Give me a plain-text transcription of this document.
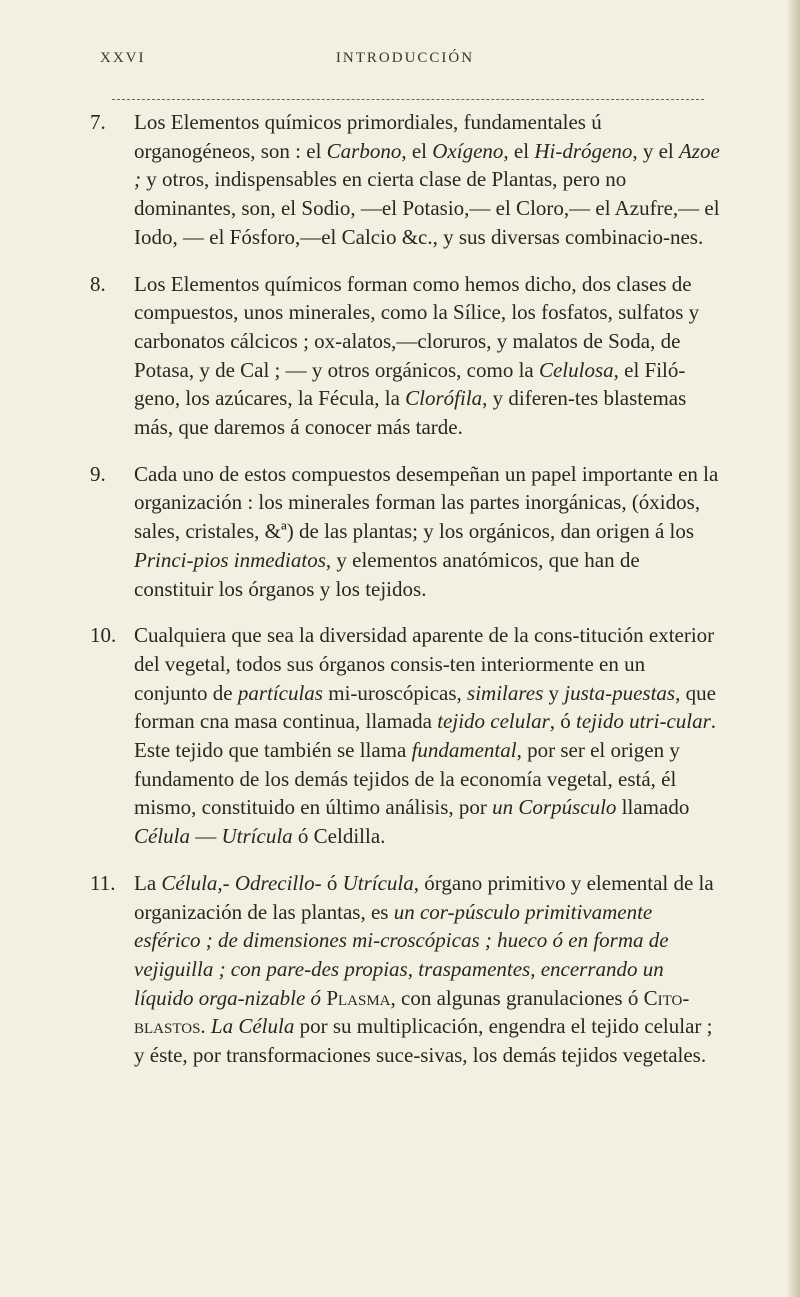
XXVI	INTRODUCCIÓN
7.	Los Elementos químicos primordiales, fundamentales ú organogéneos, son : el Carbono, el Oxígeno, el Hi-drógeno, y el Azoe ; y otros, indispensables en cierta clase de Plantas, pero no dominantes, son, el Sodio, —el Potasio,— el Cloro,— el Azufre,— el Iodo, — el Fósforo,—el Calcio &c., y sus diversas combinacio-nes.
8.	Los Elementos químicos forman como hemos dicho, dos clases de compuestos, unos minerales, como la Sílice, los fosfatos, sulfatos y carbonatos cálcicos ; ox-alatos,—cloruros, y malatos de Soda, de Potasa, y de Cal ; — y otros orgánicos, como la Celulosa, el Filó-geno, los azúcares, la Fécula, la Clorófila, y diferen-tes blastemas más, que daremos á conocer más tarde.
9.	Cada uno de estos compuestos desempeñan un papel importante en la organización : los minerales forman las partes inorgánicas, (óxidos, sales, cristales, &ª) de las plantas; y los orgánicos, dan origen á los Princi-pios inmediatos, y elementos anatómicos, que han de constituir los órganos y los tejidos.
10. Cualquiera que sea la diversidad aparente de la cons-titución exterior del vegetal, todos sus órganos consis-ten interiormente en un conjunto de partículas mi-uroscópicas, similares y justa-puestas, que forman cna masa continua, llamada tejido celular, ó tejido utri-cular. Este tejido que también se llama fundamental, por ser el origen y fundamento de los demás tejidos de la economía vegetal, está, él mismo, constituido en último análisis, por un Corpúsculo llamado Célula — Utrícula ó Celdilla.
11. La Célula,- Odrecillo- ó Utrícula, órgano primitivo y elemental de la organización de las plantas, es un cor-púsculo primitivamente esférico ; de dimensiones mi-croscópicas ; hueco ó en forma de vejiguilla ; con pare-des propias, traspamentes, encerrando un líquido orga-nizable ó Plasma, con algunas granulaciones ó Cito-blastos. La Célula por su multiplicación, engendra el tejido celular ; y éste, por transformaciones suce-sivas, los demás tejidos vegetales.
